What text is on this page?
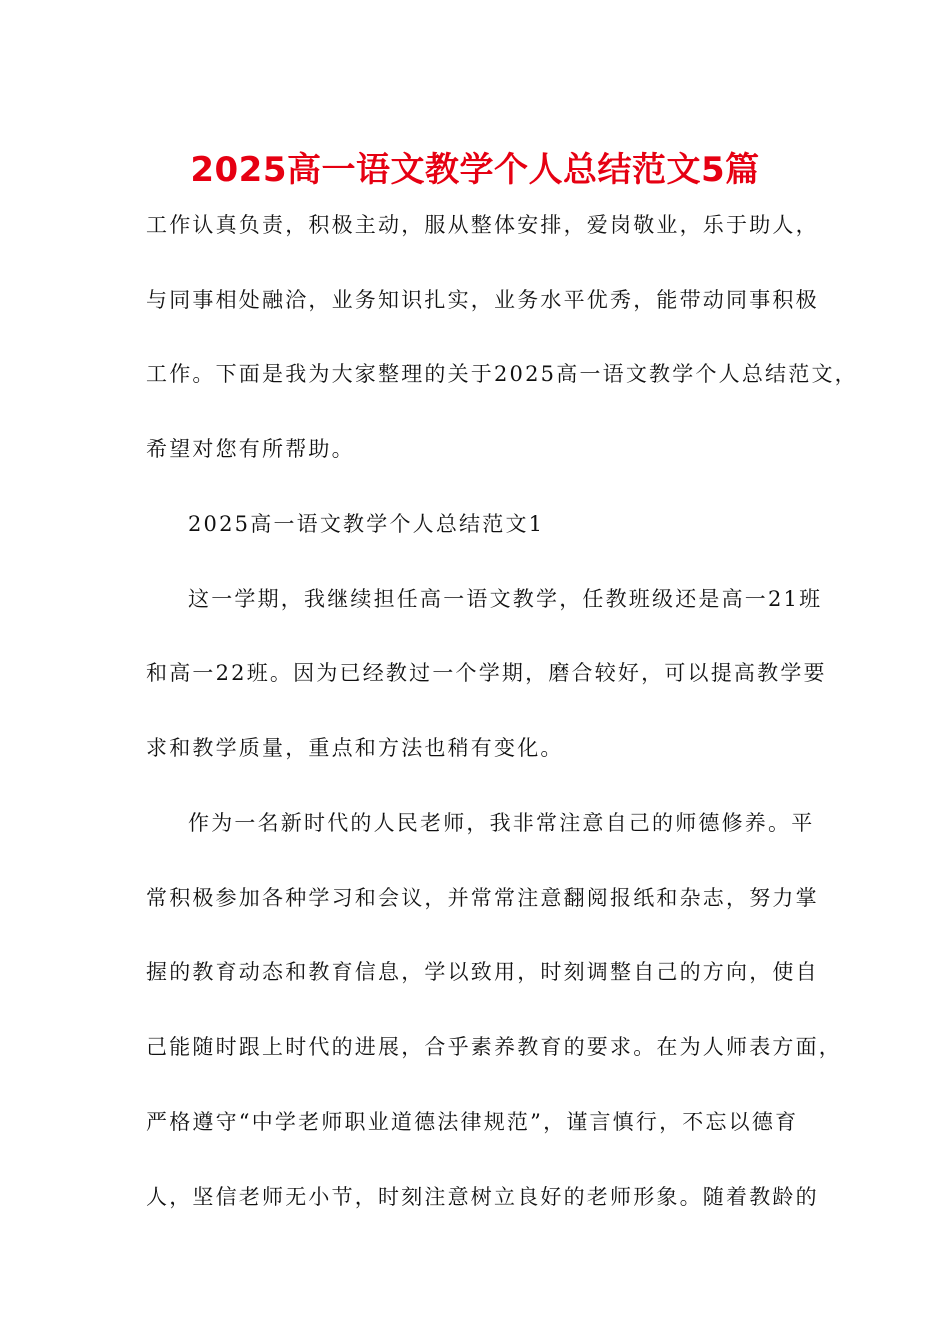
2025高一语文教学个人总结范文5篇
工作认真负责，积极主动，服从整体安排，爱岗敬业，乐于助人，
与同事相处融洽，业务知识扎实，业务水平优秀，能带动同事积极
工作。下面是我为大家整理的关于2025高一语文教学个人总结范文，
希望对您有所帮助。
2025高一语文教学个人总结范文1
这一学期，我继续担任高一语文教学，任教班级还是高一21班
和高一22班。因为已经教过一个学期，磨合较好，可以提高教学要
求和教学质量，重点和方法也稍有变化。
作为一名新时代的人民老师，我非常注意自己的师德修养。平
常积极参加各种学习和会议，并常常注意翻阅报纸和杂志，努力掌
握的教育动态和教育信息，学以致用，时刻调整自己的方向，使自
己能随时跟上时代的进展，合乎素养教育的要求。在为人师表方面，
严格遵守“中学老师职业道德法律规范”，谨言慎行，不忘以德育
人，坚信老师无小节，时刻注意树立良好的老师形象。随着教龄的
